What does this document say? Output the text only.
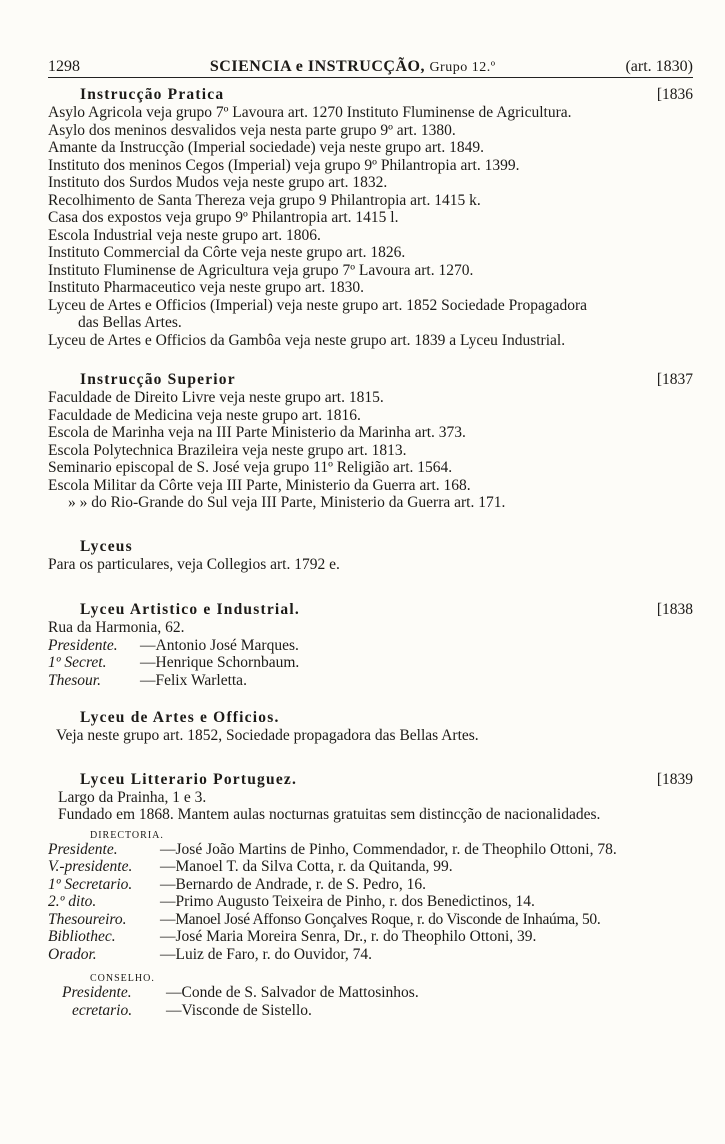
1298	SCIENCIA e INSTRUCÇÃO, Grupo 12.º	(art. 1830)
Instrucção Pratica	[1836
Asylo Agricola veja grupo 7º Lavoura art. 1270 Instituto Fluminense de Agricultura.
Asylo dos meninos desvalidos veja nesta parte grupo 9º art. 1380.
Amante da Instrucção (Imperial sociedade) veja neste grupo art. 1849.
Instituto dos meninos Cegos (Imperial) veja grupo 9º Philantropia art. 1399.
Instituto dos Surdos Mudos veja neste grupo art. 1832.
Recolhimento de Santa Thereza veja grupo 9 Philantropia art. 1415 k.
Casa dos expostos veja grupo 9º Philantropia art. 1415 l.
Escola Industrial veja neste grupo art. 1806.
Instituto Commercial da Côrte veja neste grupo art. 1826.
Instituto Fluminense de Agricultura veja grupo 7º Lavoura art. 1270.
Instituto Pharmaceutico veja neste grupo art. 1830.
Lyceu de Artes e Officios (Imperial) veja neste grupo art. 1852 Sociedade Propagadora
das Bellas Artes.
Lyceu de Artes e Officios da Gambôa veja neste grupo art. 1839 a Lyceu Industrial.
Instrucção Superior	[1837
Faculdade de Direito Livre veja neste grupo art. 1815.
Faculdade de Medicina veja neste grupo art. 1816.
Escola de Marinha veja na III Parte Ministerio da Marinha art. 373.
Escola Polytechnica Brazileira veja neste grupo art. 1813.
Seminario episcopal de S. José veja grupo 11º Religião art. 1564.
Escola Militar da Côrte veja III Parte, Ministerio da Guerra art. 168.
» » do Rio-Grande do Sul veja III Parte, Ministerio da Guerra art. 171.
Lyceus
Para os particulares, veja Collegios art. 1792 e.
Lyceu Artistico e Industrial.	[1838
Rua da Harmonia, 62.
Presidente.	—Antonio José Marques.
1º Secret.	—Henrique Schornbaum.
Thesour.	—Felix Warletta.
Lyceu de Artes e Officios.
Veja neste grupo art. 1852, Sociedade propagadora das Bellas Artes.
Lyceu Litterario Portuguez.	[1839
Largo da Prainha, 1 e 3.
Fundado em 1868. Mantem aulas nocturnas gratuitas sem distincção de nacionalidades.
DIRECTORIA.
Presidente.	—José João Martins de Pinho, Commendador, r. de Theophilo Ottoni, 78.
V.-presidente.	—Manoel T. da Silva Cotta, r. da Quitanda, 99.
1º Secretario.	—Bernardo de Andrade, r. de S. Pedro, 16.
2.º dito.	—Primo Augusto Teixeira de Pinho, r. dos Benedictinos, 14.
Thesoureiro.	—Manoel José Affonso Gonçalves Roque, r. do Visconde de Inhaúma, 50.
Bibliothec.	—José Maria Moreira Senra, Dr., r. do Theophilo Ottoni, 39.
Orador.	—Luiz de Faro, r. do Ouvidor, 74.
CONSELHO.
Presidente.	—Conde de S. Salvador de Mattosinhos.
ecretario.	—Visconde de Sistello.
